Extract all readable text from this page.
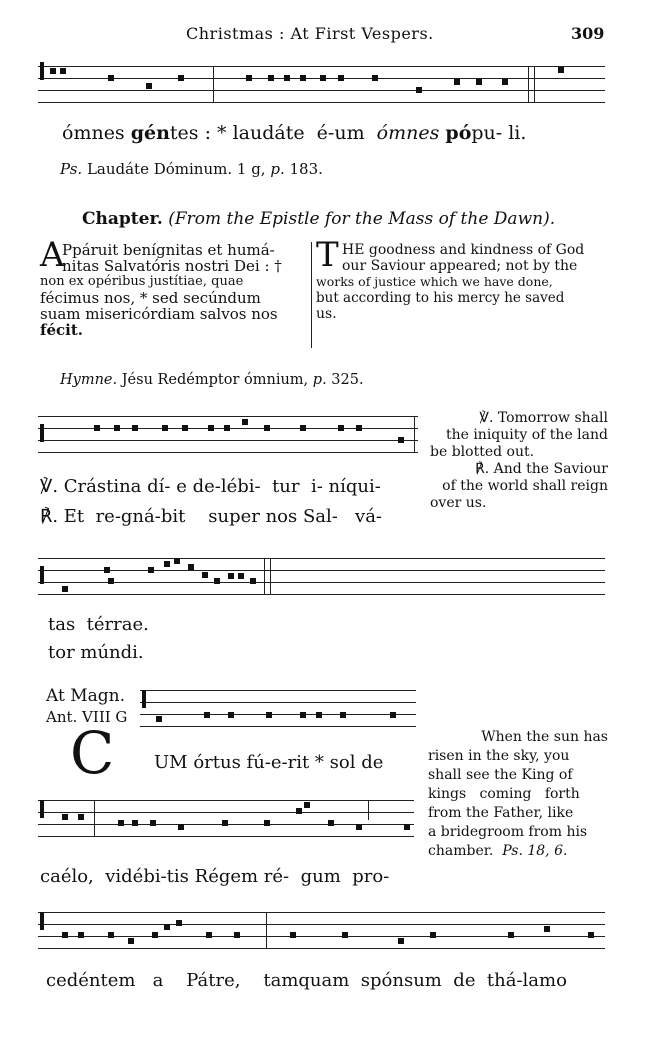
Christmas : At First Vespers.	309
ómnes géntes : * laudáte  é-um  ómnes pópu- li.
Ps. Laudáte Dóminum. 1 g, p. 183.
Chapter. (From the Epistle for the Mass of the Dawn).
A
Ppáruit benígnitas et humá-
nitas Salvatóris nostri Dei : †
non ex opéribus justítiae, quae
fécimus nos, * sed secúndum
suam misericórdiam salvos nos
fécit.
T HE goodness and kindness of God
our Saviour appeared; not by the
works of justice which we have done,
but according to his mercy he saved
us.
Hymne. Jésu Redémptor ómnium, p. 325.
℣. Tomorrow shall
the iniquity of the land
be blotted out.
℟. And the Saviour
of the world shall reign
over us.
℣. Crástina dí- e de-lébi-  tur  i- níqui-
℟. Et  re-gná-bit    super nos Sal-   vá-
tas  térrae.
tor múndi.
At Magn.
Ant. VIII G
C UM órtus fú-e-rit * sol de
When the sun has
risen in the sky, you
shall see the King of
kings   coming   forth
from the Father, like
a bridegroom from his
chamber.  Ps. 18, 6.
caélo,  vidébi-tis Régem ré-  gum  pro-
cedéntem   a    Pátre,    tamquam  spónsum  de  thá-lamo
